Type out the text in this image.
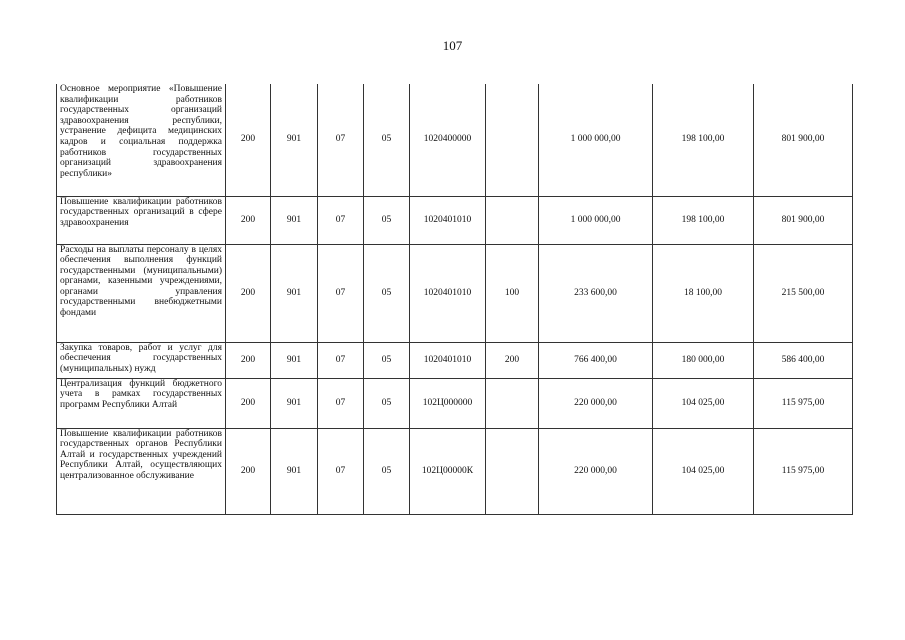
107
Основное мероприятие «Повышение квалификации работников государственных организаций здравоохранения республики, устранение дефицита медицинских кадров и социальная поддержка работников государственных организаций здравоохранения республики»	200	901	07	05	1020400000		1 000 000,00	198 100,00	801 900,00
Повышение квалификации работников государственных организаций в сфере здравоохранения	200	901	07	05	1020401010		1 000 000,00	198 100,00	801 900,00
Расходы на выплаты персоналу в целях обеспечения выполнения функций государственными (муниципальными) органами, казенными учреждениями, органами управления государственными внебюджетными фондами	200	901	07	05	1020401010	100	233 600,00	18 100,00	215 500,00
Закупка товаров, работ и услуг для обеспечения государственных (муниципальных) нужд	200	901	07	05	1020401010	200	766 400,00	180 000,00	586 400,00
Централизация функций бюджетного учета в рамках государственных программ Республики Алтай	200	901	07	05	102Ц000000		220 000,00	104 025,00	115 975,00
Повышение квалификации работников государственных органов Республики Алтай и государственных учреждений Республики Алтай, осуществляющих централизованное обслуживание	200	901	07	05	102Ц00000К		220 000,00	104 025,00	115 975,00
